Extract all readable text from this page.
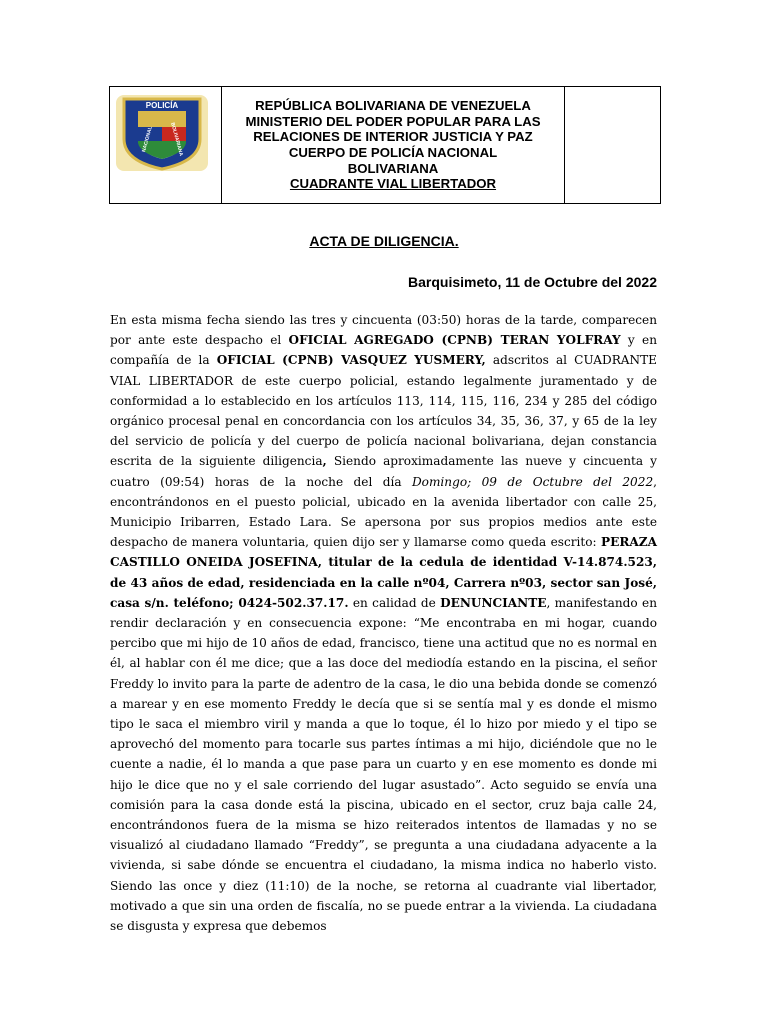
REPÚBLICA BOLIVARIANA DE VENEZUELA
MINISTERIO DEL PODER POPULAR PARA LAS
RELACIONES DE INTERIOR JUSTICIA Y PAZ
CUERPO DE POLICÍA NACIONAL
BOLIVARIANA
CUADRANTE VIAL LIBERTADOR

POLICÍA
NACIONAL	BOLIVARIANA
ACTA DE DILIGENCIA.
Barquisimeto, 11 de Octubre del 2022
En esta misma fecha siendo las tres y cincuenta (03:50) horas de la tarde, comparecen por ante este despacho el OFICIAL AGREGADO (CPNB) TERAN YOLFRAY y en compañía de la OFICIAL (CPNB) VASQUEZ YUSMERY, adscritos al CUADRANTE VIAL LIBERTADOR de este cuerpo policial, estando legalmente juramentado y de conformidad a lo establecido en los artículos 113, 114, 115, 116, 234 y 285 del código orgánico procesal penal en concordancia con los artículos 34, 35, 36, 37, y 65 de la ley del servicio de policía y del cuerpo de policía nacional bolivariana, dejan constancia escrita de la siguiente diligencia, Siendo aproximadamente las nueve y cincuenta y cuatro (09:54) horas de la noche del día Domingo; 09 de Octubre del 2022, encontrándonos en el puesto policial, ubicado en la avenida libertador con calle 25, Municipio Iribarren, Estado Lara. Se apersona por sus propios medios ante este despacho de manera voluntaria, quien dijo ser y llamarse como queda escrito: PERAZA CASTILLO ONEIDA JOSEFINA, titular de la cedula de identidad V-14.874.523, de 43 años de edad, residenciada en la calle nº04, Carrera nº03, sector san José, casa s/n. teléfono; 0424-502.37.17. en calidad de DENUNCIANTE, manifestando en rendir declaración y en consecuencia expone: “Me encontraba en mi hogar, cuando percibo que mi hijo de 10 años de edad, francisco, tiene una actitud que no es normal en él, al hablar con él me dice; que a las doce del mediodía estando en la piscina, el señor Freddy lo invito para la parte de adentro de la casa, le dio una bebida donde se comenzó a marear y en ese momento Freddy le decía que si se sentía mal y es donde el mismo tipo le saca el miembro viril y manda a que lo toque, él lo hizo por miedo y el tipo se aprovechó del momento para tocarle sus partes íntimas a mi hijo, diciéndole que no le cuente a nadie, él lo manda a que pase para un cuarto y en ese momento es donde mi hijo le dice que no y el sale corriendo del lugar asustado”. Acto seguido se envía una comisión para la casa donde está la piscina, ubicado en el sector, cruz baja calle 24, encontrándonos fuera de la misma se hizo reiterados intentos de llamadas y no se visualizó al ciudadano llamado “Freddy”, se pregunta a una ciudadana adyacente a la vivienda, si sabe dónde se encuentra el ciudadano, la misma indica no haberlo visto. Siendo las once y diez (11:10) de la noche, se retorna al cuadrante vial libertador, motivado a que sin una orden de fiscalía, no se puede entrar a la vivienda. La ciudadana se disgusta y expresa que debemos
